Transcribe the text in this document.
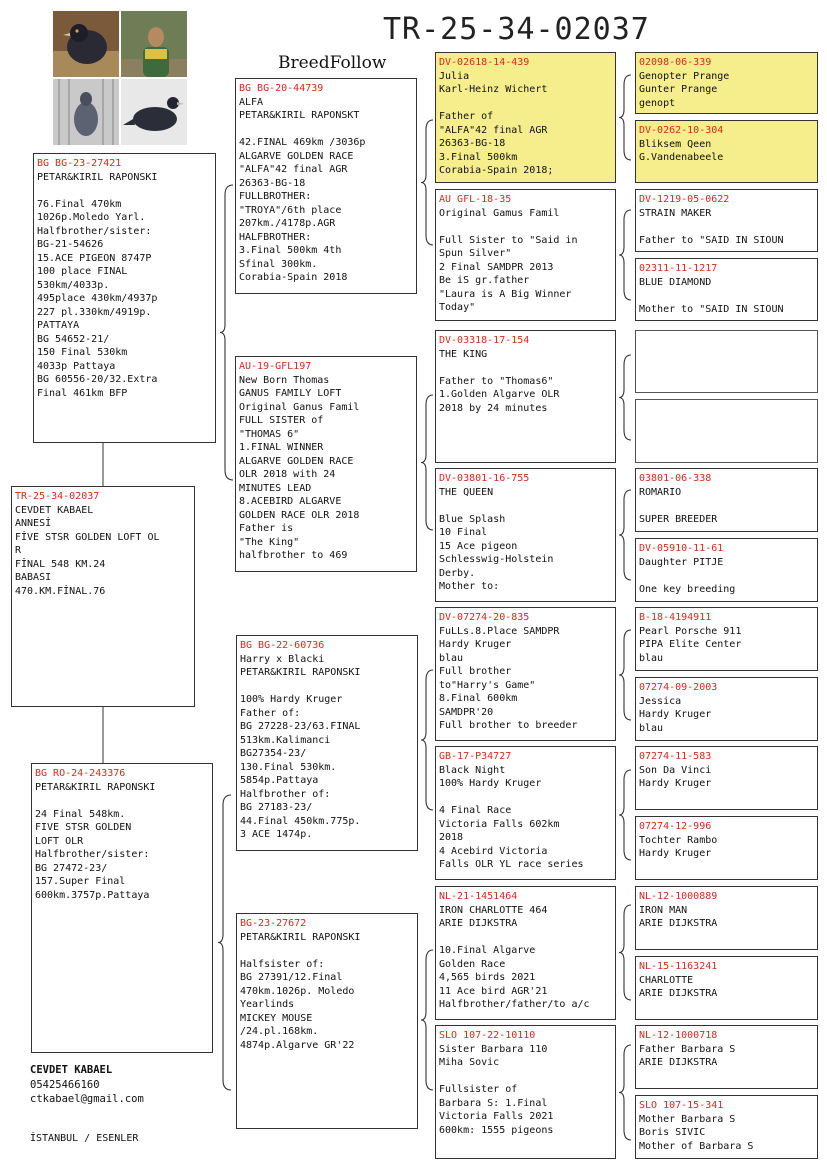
TR-25-34-02037
BreedFollow
TR-25-34-02037
CEVDET KABAEL
ANNESİ
FİVE STSR GOLDEN LOFT OL
R
FİNAL 548 KM.24
BABASI
470.KM.FİNAL.76
BG BG-23-27421
PETAR&KIRIL RAPONSKI

76.Final 470km
1026p.Moledo Yarl.
Halfbrother/sister:
BG-21-54626
15.ACE PIGEON 8747P
100 place FINAL
530km/4033p.
495place 430km/4937p
227 pl.330km/4919p.
PATTAYA
BG 54652-21/
150 Final 530km
4033p Pattaya
BG 60556-20/32.Extra
Final 461km BFP
BG RO-24-243376
PETAR&KIRIL RAPONSKI

24 Final 548km.
FIVE STSR GOLDEN
LOFT OLR
Halfbrother/sister:
BG 27472-23/
157.Super Final
600km.3757p.Pattaya
BG BG-20-44739
ALFA
PETAR&KIRIL RAPONSKT

42.FINAL 469km /3036p
ALGARVE GOLDEN RACE
"ALFA"42 final AGR
26363-BG-18
FULLBROTHER:
"TROYA"/6th place
207km./4178p.AGR
HALFBROTHER:
3.Final 500km 4th
Sfinal 300km.
Corabia-Spain 2018
AU-19-GFL197
New Born Thomas
GANUS FAMILY LOFT
Original Ganus Famil
FULL SISTER of
"THOMAS 6"
1.FINAL WINNER
ALGARVE GOLDEN RACE
OLR 2018 with 24
MINUTES LEAD
8.ACEBIRD ALGARVE
GOLDEN RACE OLR 2018
Father is
"The King"
halfbrother to 469
BG BG-22-60736
Harry x Blacki
PETAR&KIRIL RAPONSKI

100% Hardy Kruger
Father of:
BG 27228-23/63.FINAL
513km.Kalimanci
BG27354-23/
130.Final 530km.
5854p.Pattaya
Halfbrother of:
BG 27183-23/
44.Final 450km.775p.
3 ACE 1474p.
BG-23-27672
PETAR&KIRIL RAPONSKI

Halfsister of:
BG 27391/12.Final
470km.1026p. Moledo
Yearlinds
MICKEY MOUSE
/24.pl.168km.
4874p.Algarve GR'22
DV-02618-14-439
Julia
Karl-Heinz Wichert

Father of
"ALFA"42 final AGR
26363-BG-18
3.Final 500km
Corabia-Spain 2018;
AU GFL-18-35
Original Gamus Famil

Full Sister to "Said in
Spun Silver"
2 Final SAMDPR 2013
Be iS gr.father
"Laura is A Big Winner
Today"
DV-03318-17-154
THE KING

Father to "Thomas6"
1.Golden Algarve OLR
2018 by 24 minutes
DV-03801-16-755
THE QUEEN

Blue Splash
10 Final
15 Ace pigeon
Schlesswig-Holstein
Derby.
Mother to:
DV-07274-20-835
FuLLs.8.Place SAMDPR
Hardy Kruger
blau
Full brother
to"Harry's Game"
8.Final 600km
SAMDPR'20
Full brother to breeder
GB-17-P34727
Black Night
100% Hardy Kruger

4 Final Race
Victoria Falls 602km
2018
4 Acebird Victoria
Falls OLR YL race series
NL-21-1451464
IRON CHARLOTTE 464
ARIE DIJKSTRA

10.Final Algarve
Golden Race
4,565 birds 2021
11 Ace bird AGR'21
Halfbrother/father/to a/c
SLO 107-22-10110
Sister Barbara 110
Miha Sovic

Fullsister of
Barbara S: 1.Final
Victoria Falls 2021
600km: 1555 pigeons
02098-06-339
Genopter Prange
Gunter Prange
genopt
DV-0262-10-304
Bliksem Qeen
G.Vandenabeele
DV-1219-05-0622
STRAIN MAKER

Father to "SAID IN SIOUN
02311-11-1217
BLUE DIAMOND

Mother to "SAID IN SIOUN
03801-06-338
ROMARIO

SUPER BREEDER
DV-05910-11-61
Daughter PITJE

One key breeding
B-18-4194911
Pearl Porsche 911
PIPA Elite Center
blau
07274-09-2003
Jessica
Hardy Kruger
blau
07274-11-583
Son Da Vinci
Hardy Kruger
07274-12-996
Tochter Rambo
Hardy Kruger
NL-12-1000889
IRON MAN
ARIE DIJKSTRA
NL-15-1163241
CHARLOTTE
ARIE DIJKSTRA
NL-12-1000718
Father Barbara S
ARIE DIJKSTRA
SLO 107-15-341
Mother Barbara S
Boris SIVIC
Mother of Barbara S
CEVDET KABAEL
05425466160
ctkabael@gmail.com
İSTANBUL / ESENLER
